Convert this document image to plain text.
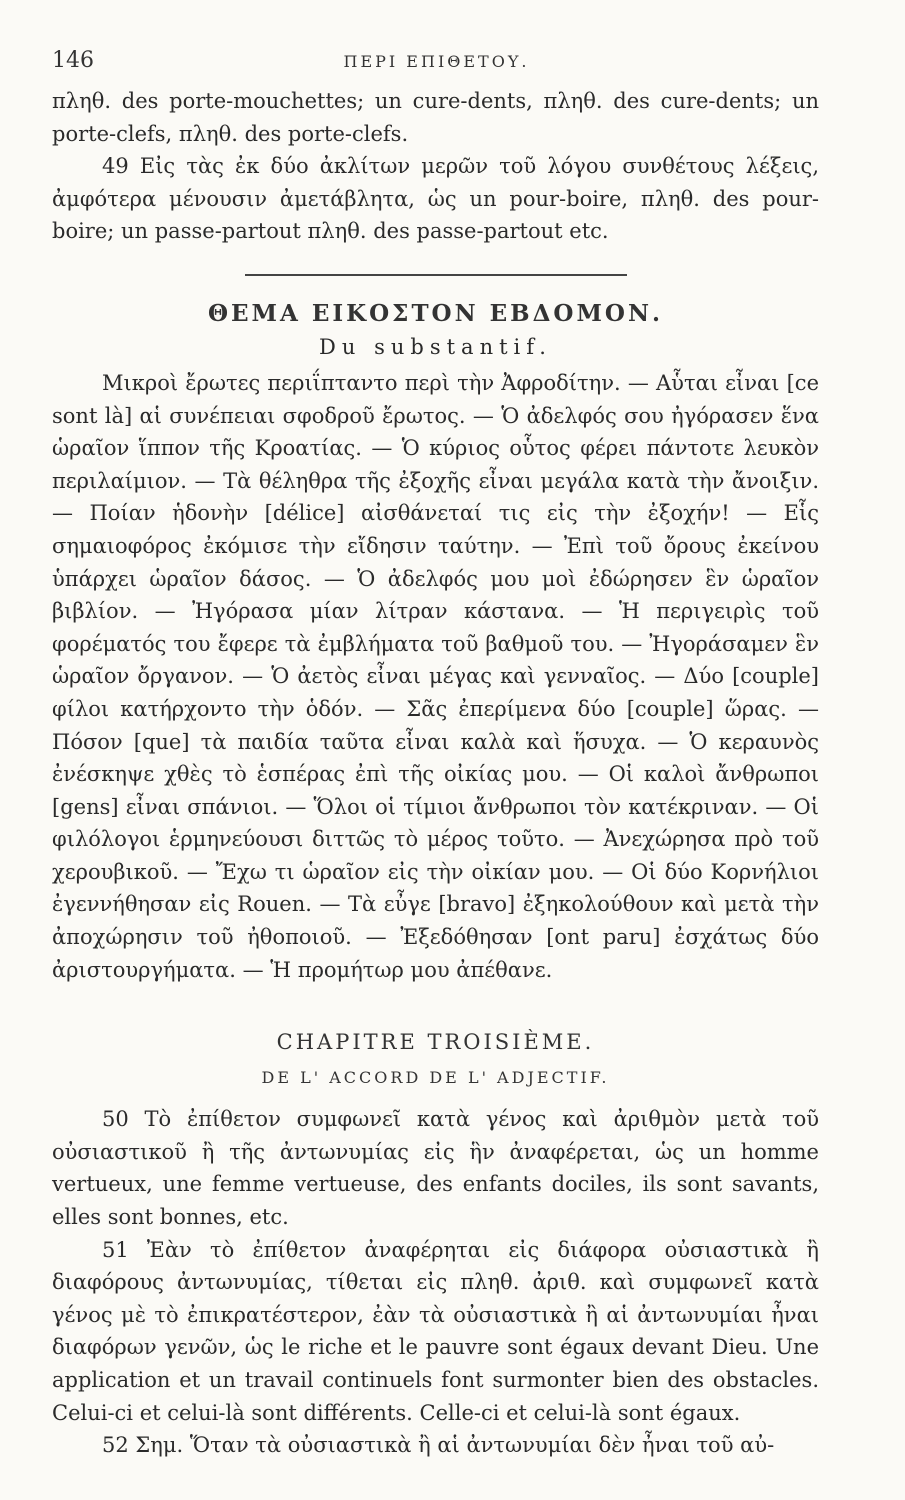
146	ΠΕΡΙ ΕΠΙΘΕΤΟΥ.

πληθ. des porte-mouchettes; un cure-dents, πληθ. des cure-dents; un porte-clefs, πληθ. des porte-clefs.

49 Εἰς τὰς ἐκ δύο ἀκλίτων μερῶν τοῦ λόγου συνθέτους λέξεις, ἀμφότερα μένουσιν ἀμετάβλητα, ὡς un pour-boire, πληθ. des pour-boire; un passe-partout πληθ. des passe-partout etc.

ΘΕΜΑ ΕΙΚΟΣΤΟΝ ΕΒΔΟΜΟΝ.
Du substantif.

Μικροὶ ἔρωτες περιΐπταντο περὶ τὴν Ἀφροδίτην. — Αὗται εἶναι [ce sont là] αἱ συνέπειαι σφοδροῦ ἔρωτος. — Ὁ ἀδελφός σου ἠγόρασεν ἕνα ὡραῖον ἵππον τῆς Κροατίας. — Ὁ κύριος οὗτος φέρει πάντοτε λευκὸν περιλαίμιον. — Τὰ θέληθρα τῆς ἐξοχῆς εἶναι μεγάλα κατὰ τὴν ἄνοιξιν. — Ποίαν ἡδονὴν [délice] αἰσθάνεταί τις εἰς τὴν ἐξοχήν! — Εἷς σημαιοφόρος ἐκόμισε τὴν εἴδησιν ταύτην. — Ἐπὶ τοῦ ὄρους ἐκείνου ὑπάρχει ὡραῖον δάσος. — Ὁ ἀδελφός μου μοὶ ἐδώρησεν ἓν ὡραῖον βιβλίον. — Ἠγόρασα μίαν λίτραν κάστανα. — Ἡ περιγειρὶς τοῦ φορέματός του ἔφερε τὰ ἐμβλήματα τοῦ βαθμοῦ του. — Ἠγοράσαμεν ἓν ὡραῖον ὄργανον. — Ὁ ἀετὸς εἶναι μέγας καὶ γενναῖος. — Δύο [couple] φίλοι κατήρχοντο τὴν ὁδόν. — Σᾶς ἐπερίμενα δύο [couple] ὥρας. — Πόσον [que] τὰ παιδία ταῦτα εἶναι καλὰ καὶ ἥσυχα. — Ὁ κεραυνὸς ἐνέσκηψε χθὲς τὸ ἑσπέρας ἐπὶ τῆς οἰκίας μου. — Οἱ καλοὶ ἄνθρωποι [gens] εἶναι σπάνιοι. — Ὅλοι οἱ τίμιοι ἄνθρωποι τὸν κατέκριναν. — Οἱ φιλόλογοι ἑρμηνεύουσι διττῶς τὸ μέρος τοῦτο. — Ἀνεχώρησα πρὸ τοῦ χερουβικοῦ. — Ἔχω τι ὡραῖον εἰς τὴν οἰκίαν μου. — Οἱ δύο Κορνήλιοι ἐγεννήθησαν εἰς Rouen. — Τὰ εὖγε [bravo] ἐξηκολούθουν καὶ μετὰ τὴν ἀποχώρησιν τοῦ ἠθοποιοῦ. — Ἐξεδόθησαν [ont paru] ἐσχάτως δύο ἀριστουργήματα. — Ἡ προμήτωρ μου ἀπέθανε.

CHAPITRE TROISIÈME.
DE L' ACCORD DE L' ADJECTIF.

50 Τὸ ἐπίθετον συμφωνεῖ κατὰ γένος καὶ ἀριθμὸν μετὰ τοῦ οὐσιαστικοῦ ἢ τῆς ἀντωνυμίας εἰς ἣν ἀναφέρεται, ὡς un homme vertueux, une femme vertueuse, des enfants dociles, ils sont savants, elles sont bonnes, etc.

51 Ἐὰν τὸ ἐπίθετον ἀναφέρηται εἰς διάφορα οὐσιαστικὰ ἢ διαφόρους ἀντωνυμίας, τίθεται εἰς πληθ. ἀριθ. καὶ συμφωνεῖ κατὰ γένος μὲ τὸ ἐπικρατέστερον, ἐὰν τὰ οὐσιαστικὰ ἢ αἱ ἀντωνυμίαι ἦναι διαφόρων γενῶν, ὡς le riche et le pauvre sont égaux devant Dieu. Une application et un travail continuels font surmonter bien des obstacles. Celui-ci et celui-là sont différents. Celle-ci et celui-là sont égaux.

52 Σημ. Ὅταν τὰ οὐσιαστικὰ ἢ αἱ ἀντωνυμίαι δὲν ἦναι τοῦ αὐ-
